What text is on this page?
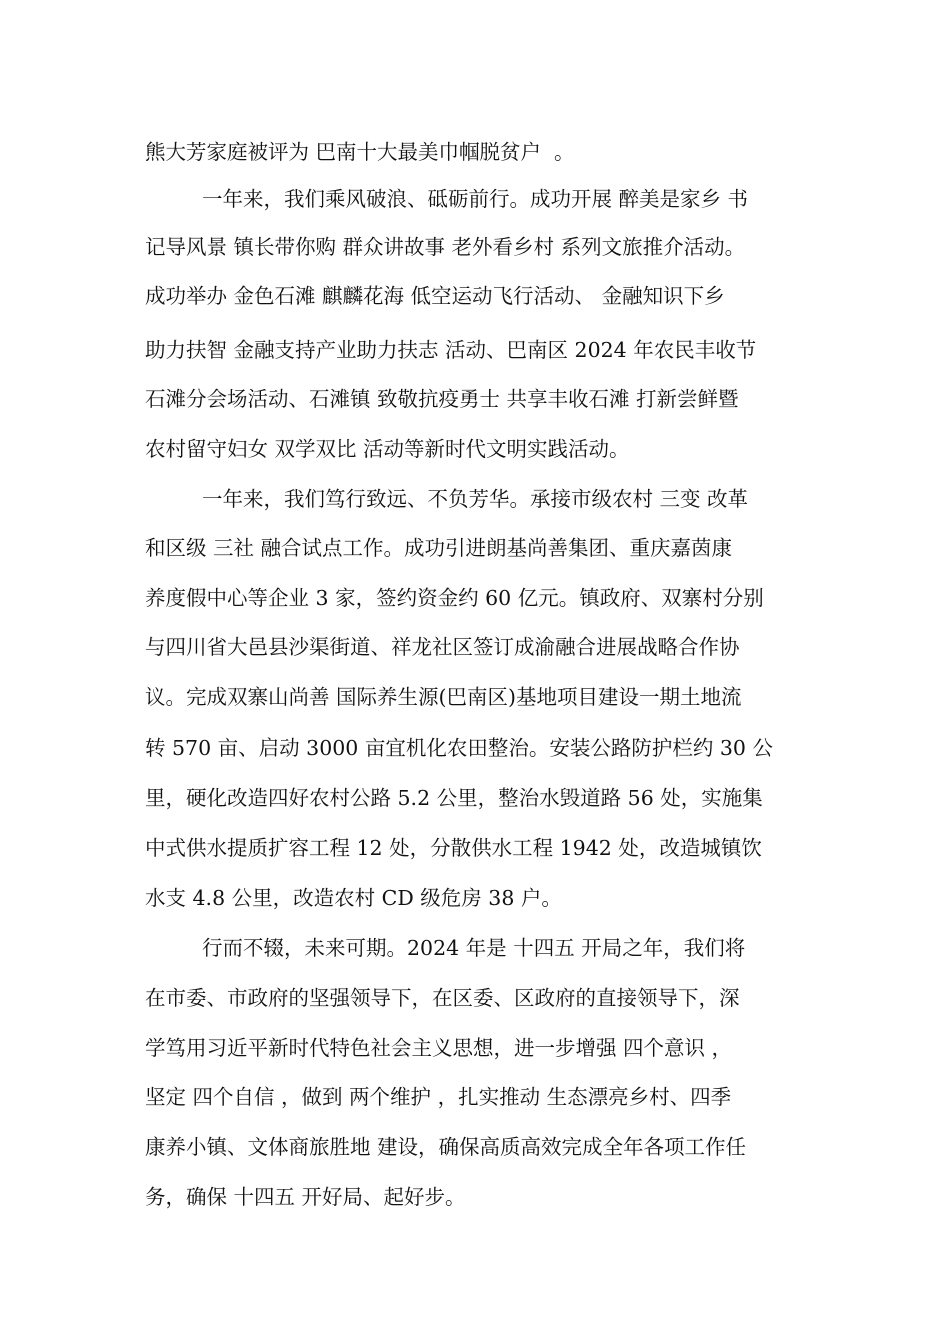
熊大芳家庭被评为 巴南十大最美巾帼脱贫户  。

一年来，我们乘风破浪、砥砺前行。成功开展 醉美是家乡 书

记导风景 镇长带你购 群众讲故事 老外看乡村 系列文旅推介活动。

成功举办 金色石滩 麒麟花海 低空运动飞行活动、 金融知识下乡

助力扶智 金融支持产业助力扶志 活动、巴南区 2024 年农民丰收节

石滩分会场活动、石滩镇 致敬抗疫勇士 共享丰收石滩 打新尝鲜暨

农村留守妇女 双学双比 活动等新时代文明实践活动。

一年来，我们笃行致远、不负芳华。承接市级农村 三变 改革

和区级 三社 融合试点工作。成功引进朗基尚善集团、重庆嘉茵康

养度假中心等企业 3 家，签约资金约 60 亿元。镇政府、双寨村分别

与四川省大邑县沙渠街道、祥龙社区签订成渝融合进展战略合作协

议。完成双寨山尚善 国际养生源(巴南区)基地项目建设一期土地流

转 570 亩、启动 3000 亩宜机化农田整治。安装公路防护栏约 30 公

里，硬化改造四好农村公路 5.2 公里，整治水毁道路 56 处，实施集

中式供水提质扩容工程 12 处，分散供水工程 1942 处，改造城镇饮

水支 4.8 公里，改造农村 CD 级危房 38 户。

行而不辍，未来可期。2024 年是 十四五 开局之年，我们将

在市委、市政府的坚强领导下，在区委、区政府的直接领导下，深

学笃用习近平新时代特色社会主义思想，进一步增强 四个意识 ，

坚定 四个自信 ，做到 两个维护 ，扎实推动 生态漂亮乡村、四季

康养小镇、文体商旅胜地 建设，确保高质高效完成全年各项工作任

务，确保 十四五 开好局、起好步。
